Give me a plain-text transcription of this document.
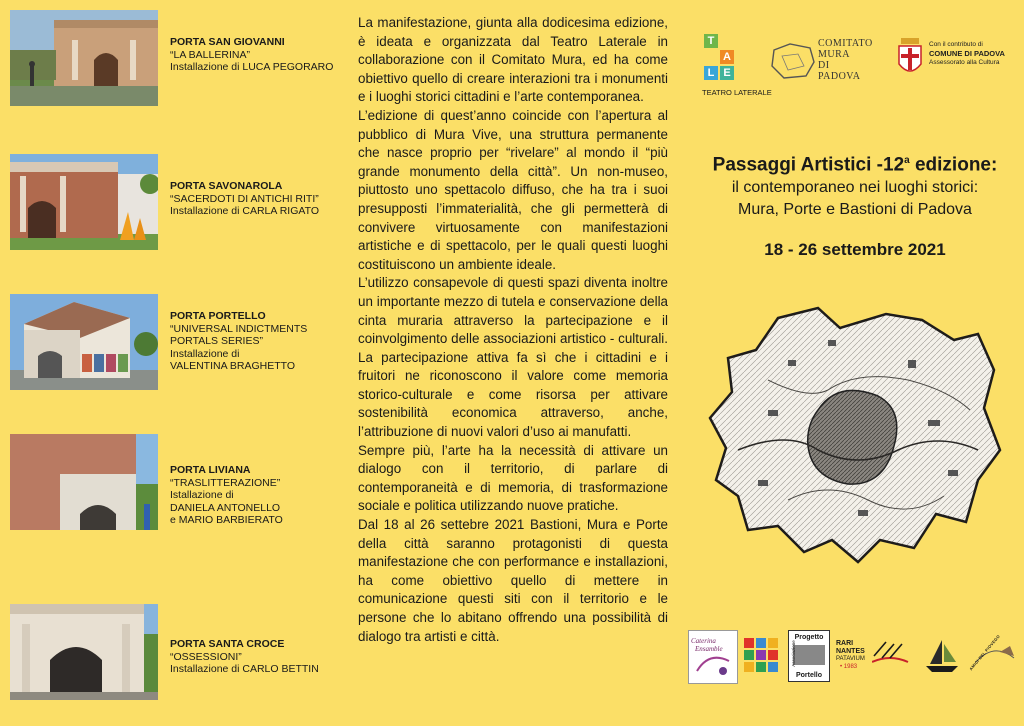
PORTA SAN GIOVANNI
“LA BALLERINA”
Installazione di LUCA PEGORARO
PORTA SAVONAROLA
“SACERDOTI DI ANTICHI RITI”
Installazione di CARLA RIGATO
PORTA PORTELLO
“UNIVERSAL INDICTMENTS
PORTALS SERIES”
Installazione di
VALENTINA BRAGHETTO
PORTA LIVIANA
“TRASLITTERAZIONE”
Istallazione di
DANIELA ANTONELLO
e MARIO BARBIERATO
PORTA SANTA CROCE
“OSSESSIONI”
Installazione di CARLO BETTIN

La manifestazione, giunta alla dodicesima edizione, è ideata e organizzata dal Teatro Laterale in collaborazione con il Comitato Mura, ed ha come obiettivo quello di creare interazioni tra i monumenti e i luoghi storici cittadini e l’arte contemporanea.

L’edizione di quest’anno coincide con l’apertura al pubblico di Mura Vive, una struttura permanente che nasce proprio per “rivelare” al mondo il “più grande monumento della città”. Un non-museo, piuttosto uno spettacolo diffuso, che ha tra i suoi presupposti l’immaterialità, che gli permetterà di convivere virtuosamente con manifestazioni artistiche e di spettacolo, per le quali questi luoghi costituiscono un ambiente ideale.

L’utilizzo consapevole di questi spazi diventa inoltre un importante mezzo di tutela e conservazione della cinta muraria attraverso la partecipazione e il coinvolgimento delle associazioni artistico - culturali. La partecipazione attiva fa sì che i cittadini e i fruitori ne riconoscono il valore come memoria storico-culturale e come risorsa per attivare sostenibilità economica attraverso, anche, l’attribuzione di nuovi valori d’uso ai manufatti.

Sempre più, l’arte ha la necessità di attivare un dialogo con il territorio, di parlare di contemporaneità e di memoria, di trasformazione sociale e politica utilizzando nuove pratiche.

Dal 18 al 26 settebre 2021 Bastioni, Mura e Porte della città saranno protagonisti di questa manifestazione che con performance e installazioni, ha come obiettivo quello di mettere in comunicazione questi siti con il territorio e le persone che lo abitano offrendo una possibilità di dialogo tra artisti e città.

T
A
L E
TEATRO LATERALE
COMITATO
MURA
DI
PADOVA
Con il contributo di
COMUNE DI PADOVA
Assessorato alla Cultura
Passaggi Artistici -12$^a$ edizione:
il contemporaneo nei luoghi storici:
Mura, Porte e Bastioni di Padova
18 - 26 settembre 2021
Caterina
Ensamble
Progetto
Portello
Associazione	RARI
NANTES
PATAVIUM
• 1983	AMICI DEL PIOVEGO
